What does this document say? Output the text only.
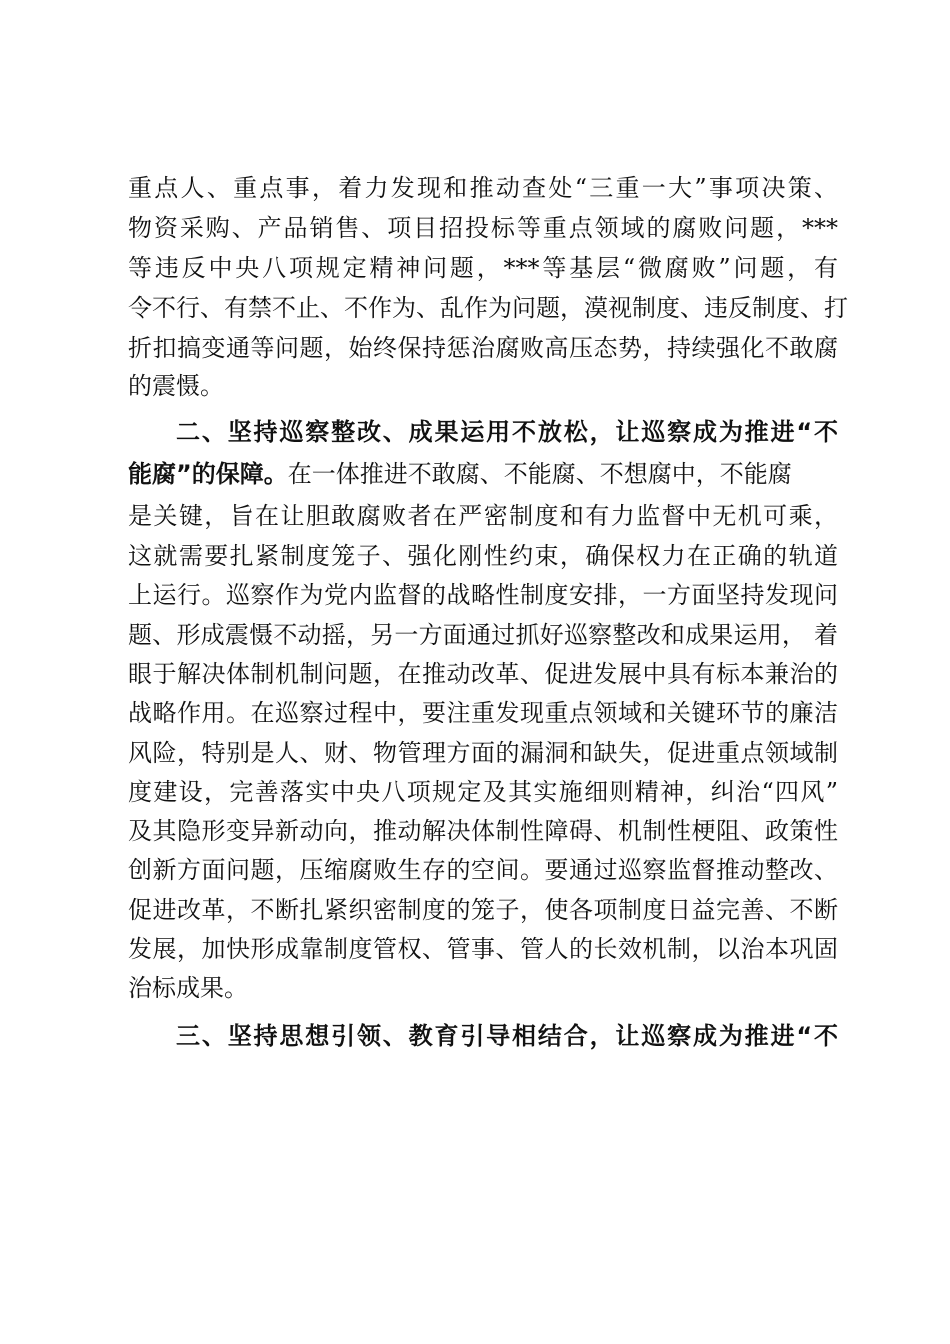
重点人、重点事，着力发现和推动查处“三重一大”事项决策、
物资采购、产品销售、项目招投标等重点领域的腐败问题，***
等违反中央八项规定精神问题，***等基层“微腐败”问题，有
令不行、有禁不止、不作为、乱作为问题，漠视制度、违反制度、打
折扣搞变通等问题，始终保持惩治腐败高压态势，持续强化不敢腐
的震慑。
二、坚持巡察整改、成果运用不放松，让巡察成为推进“不
能腐”的保障。在一体推进不敢腐、不能腐、不想腐中，不能腐
是关键，旨在让胆敢腐败者在严密制度和有力监督中无机可乘，
这就需要扎紧制度笼子、强化刚性约束，确保权力在正确的轨道
上运行。巡察作为党内监督的战略性制度安排，一方面坚持发现问
题、形成震慑不动摇，另一方面通过抓好巡察整改和成果运用， 着
眼于解决体制机制问题，在推动改革、促进发展中具有标本兼治的
战略作用。在巡察过程中，要注重发现重点领域和关键环节的廉洁
风险，特别是人、财、物管理方面的漏洞和缺失，促进重点领域制
度建设，完善落实中央八项规定及其实施细则精神，纠治“四风”
及其隐形变异新动向，推动解决体制性障碍、机制性梗阻、政策性
创新方面问题，压缩腐败生存的空间。要通过巡察监督推动整改、
促进改革，不断扎紧织密制度的笼子，使各项制度日益完善、不断
发展，加快形成靠制度管权、管事、管人的长效机制，以治本巩固
治标成果。
三、坚持思想引领、教育引导相结合，让巡察成为推进“不
